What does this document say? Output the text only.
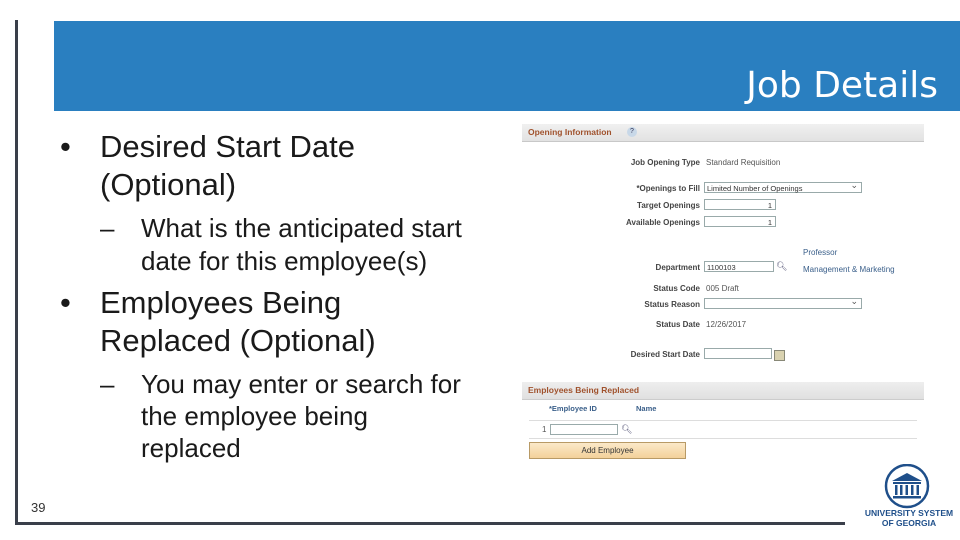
Job Details
• Desired Start Date
(Optional)
– What is the anticipated start
date for this employee(s)
• Employees Being
Replaced (Optional)
– You may enter or search for
the employee being
replaced
39
Opening Information	?
Job Opening Type Standard Requisition
*Openings to Fill Limited Number of Openings ⌄
Target Openings	1
Available Openings	1
Professor
Department 1100103	🔍︎ Management & Marketing
Status Code 005 Draft
Status Reason
⌄
Status Date 12/26/2017
Desired Start Date
Employees Being Replaced
*Employee ID	Name
1	🔍︎
Add Employee
UNIVERSITY SYSTEM
OF GEORGIA
